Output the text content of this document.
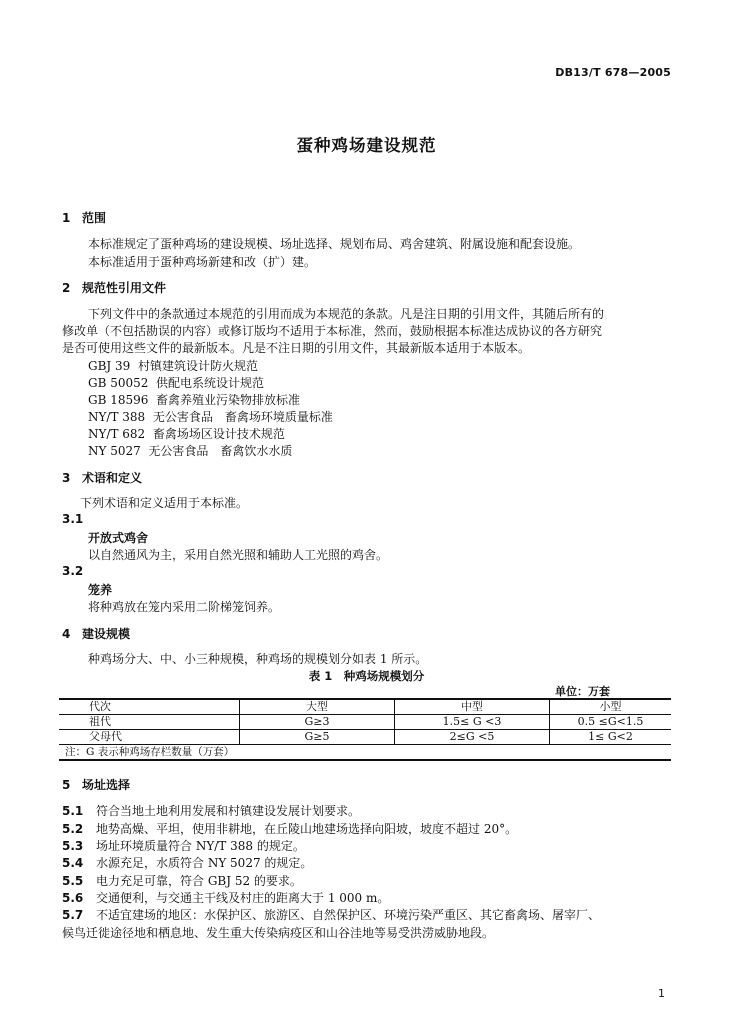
DB13/T 678—2005
蛋种鸡场建设规范
1 范围
本标准规定了蛋种鸡场的建设规模、场址选择、规划布局、鸡舍建筑、附属设施和配套设施。
本标准适用于蛋种鸡场新建和改（扩）建。
2 规范性引用文件
下列文件中的条款通过本规范的引用而成为本规范的条款。凡是注日期的引用文件，其随后所有的
修改单（不包括勘误的内容）或修订版均不适用于本标准，然而，鼓励根据本标准达成协议的各方研究
是否可使用这些文件的最新版本。凡是不注日期的引用文件，其最新版本适用于本版本。
GBJ 39 村镇建筑设计防火规范
GB 50052 供配电系统设计规范
GB 18596 畜禽养殖业污染物排放标准
NY/T 388 无公害食品　畜禽场环境质量标准
NY/T 682 畜禽场场区设计技术规范
NY 5027 无公害食品　畜禽饮水水质
3 术语和定义
下列术语和定义适用于本标准。
3.1
开放式鸡舍
以自然通风为主，采用自然光照和辅助人工光照的鸡舍。
3.2
笼养
将种鸡放在笼内采用二阶梯笼饲养。
4 建设规模
种鸡场分大、中、小三种规模，种鸡场的规模划分如表 1 所示。
表 1　种鸡场规模划分
单位：万套
代次	大型	中型	小型
祖代	G≥3	1.5≤ G <3	0.5 ≤G<1.5
父母代	G≥5	2≤G <5	1≤ G<2
注：G 表示种鸡场存栏数量（万套）			
5 场址选择
5.1 符合当地土地利用发展和村镇建设发展计划要求。
5.2 地势高燥、平坦，使用非耕地，在丘陵山地建场选择向阳坡，坡度不超过 20°。
5.3 场址环境质量符合 NY/T 388 的规定。
5.4 水源充足，水质符合 NY 5027 的规定。
5.5 电力充足可靠，符合 GBJ 52 的要求。
5.6 交通便利，与交通主干线及村庄的距离大于 1 000 m。
5.7 不适宜建场的地区：水保护区、旅游区、自然保护区、环境污染严重区、其它畜禽场、屠宰厂、
候鸟迁徙途径地和栖息地、发生重大传染病疫区和山谷洼地等易受洪涝威胁地段。
1
